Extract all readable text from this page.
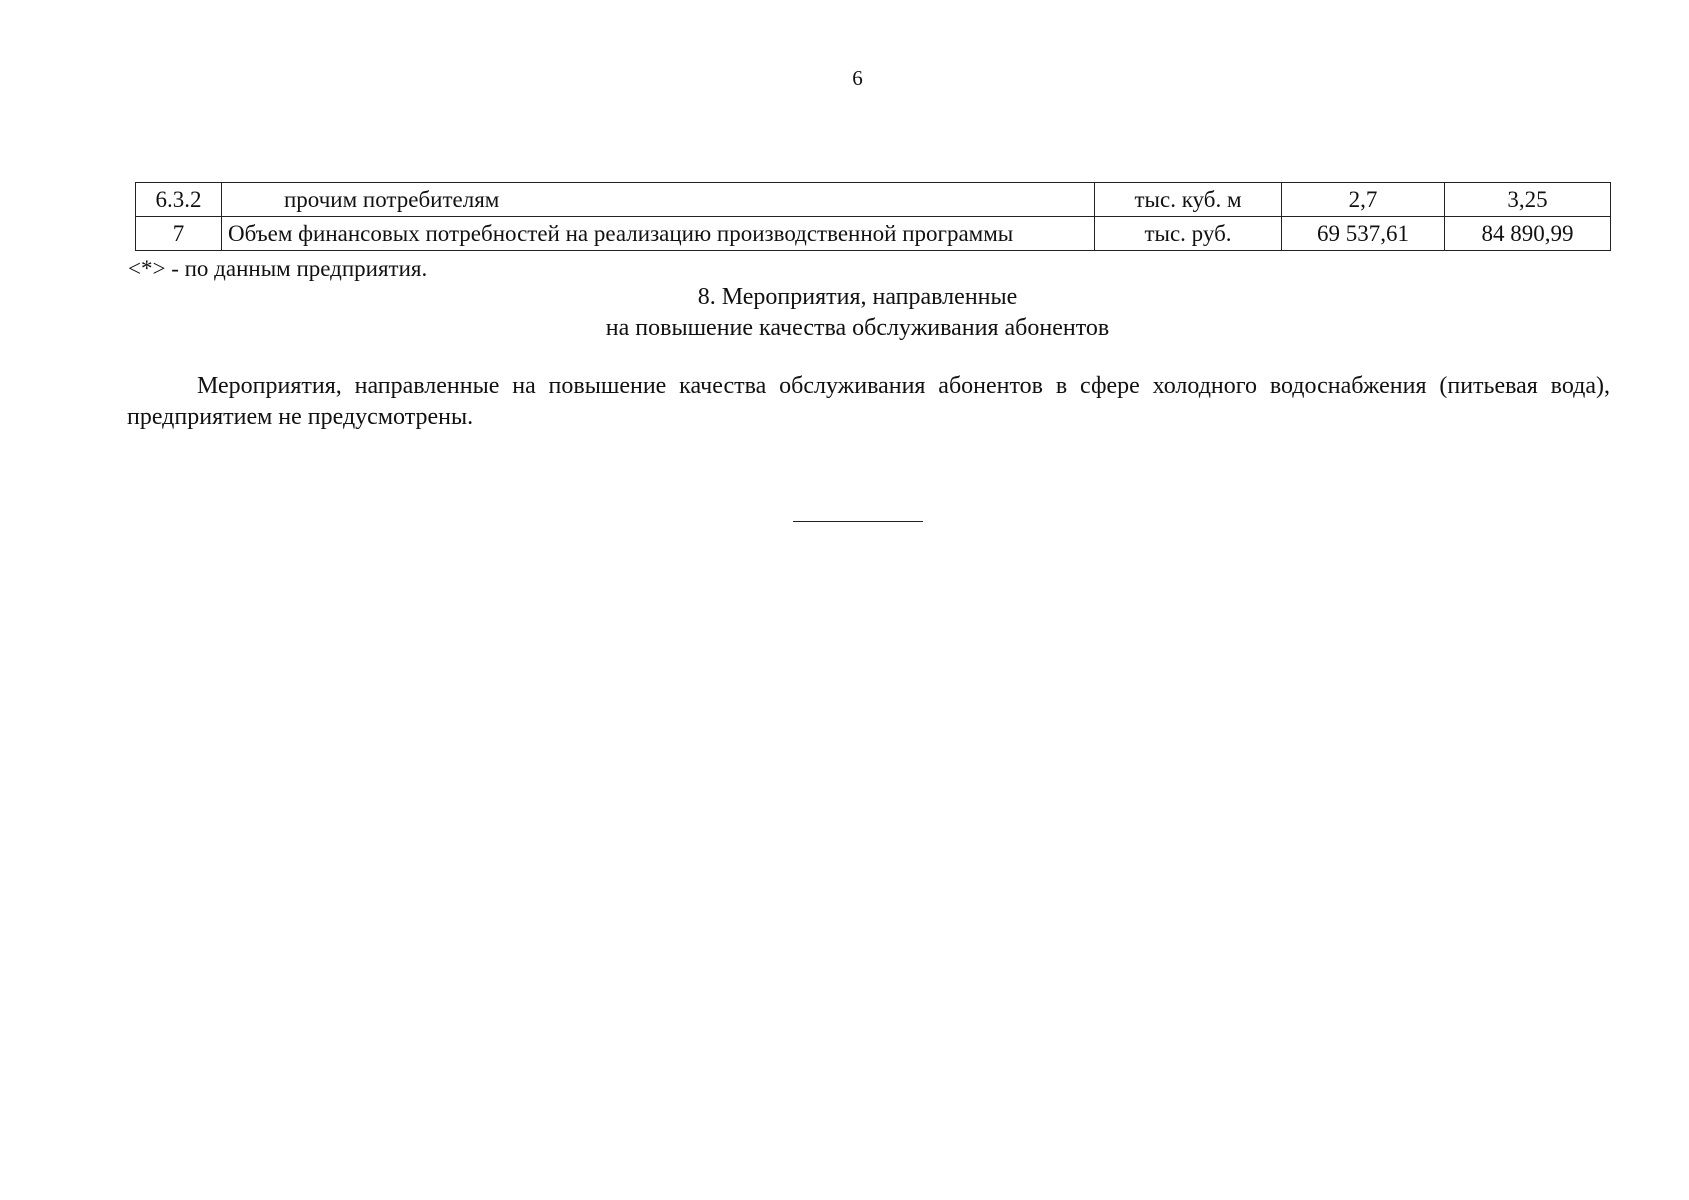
6
6.3.2	прочим потребителям	тыс. куб. м	2,7	3,25
7	Объем финансовых потребностей на реализацию производственной программы	тыс. руб.	69 537,61	84 890,99
<*> - по данным предприятия.
8. Мероприятия, направленные
на повышение качества обслуживания абонентов
Мероприятия, направленные на повышение качества обслуживания абонентов в сфере холодного водоснабжения (питьевая вода), предприятием не предусмотрены.
